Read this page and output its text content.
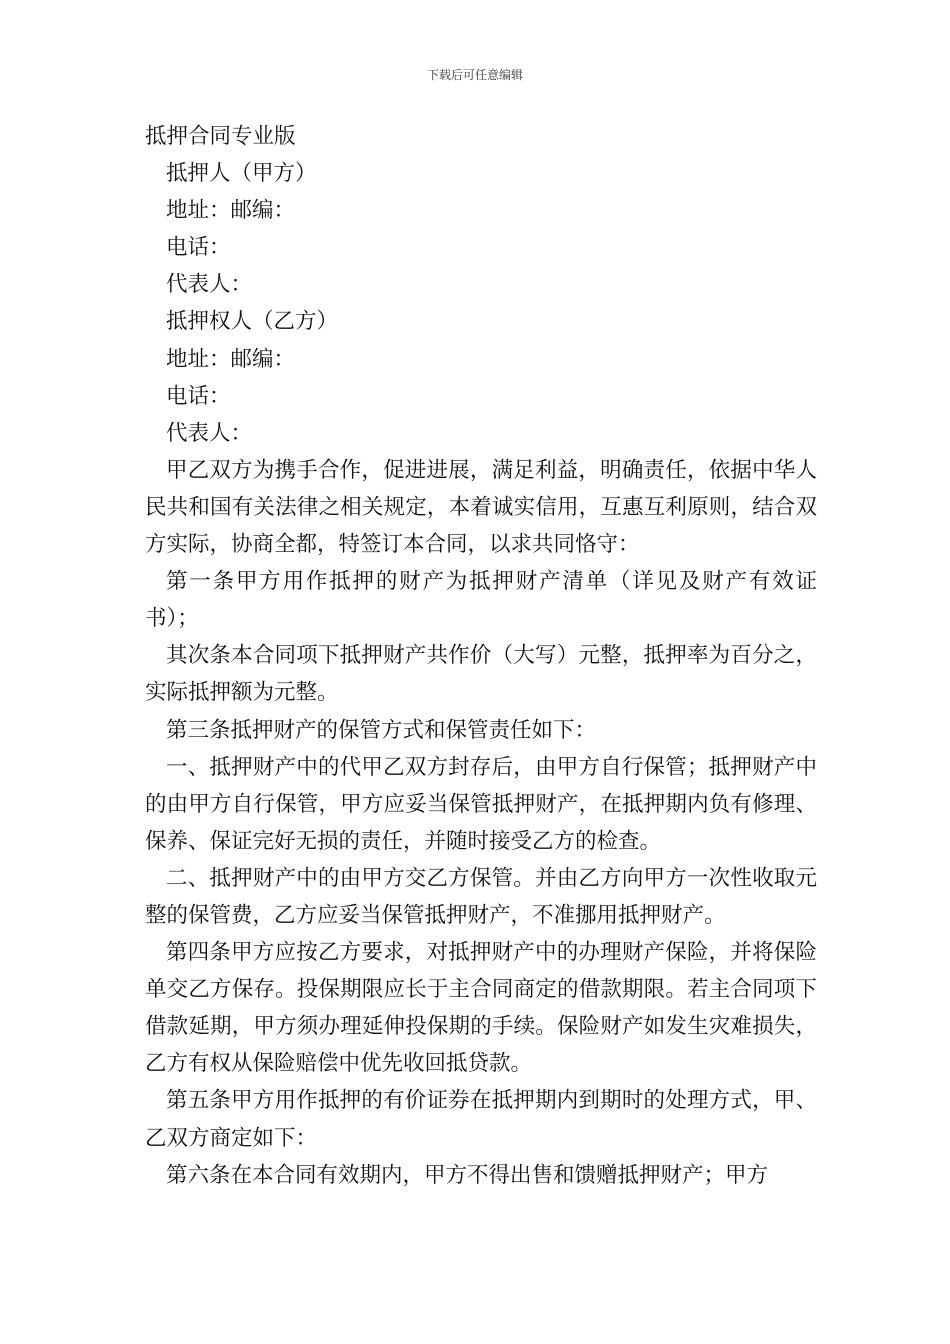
下载后可任意编辑

抵押合同专业版

抵押人（甲方）

地址：邮编：

电话：

代表人：

抵押权人（乙方）

地址：邮编：

电话：

代表人：

甲乙双方为携手合作，促进进展，满足利益，明确责任，依据中华人民共和国有关法律之相关规定，本着诚实信用，互惠互利原则，结合双方实际，协商全都，特签订本合同，以求共同恪守：

第一条甲方用作抵押的财产为抵押财产清单（详见及财产有效证书）；

其次条本合同项下抵押财产共作价（大写）元整，抵押率为百分之，实际抵押额为元整。

第三条抵押财产的保管方式和保管责任如下：

一、抵押财产中的代甲乙双方封存后，由甲方自行保管；抵押财产中的由甲方自行保管，甲方应妥当保管抵押财产，在抵押期内负有修理、保养、保证完好无损的责任，并随时接受乙方的检查。

二、抵押财产中的由甲方交乙方保管。并由乙方向甲方一次性收取元整的保管费，乙方应妥当保管抵押财产，不准挪用抵押财产。

第四条甲方应按乙方要求，对抵押财产中的办理财产保险，并将保险单交乙方保存。投保期限应长于主合同商定的借款期限。若主合同项下借款延期，甲方须办理延伸投保期的手续。保险财产如发生灾难损失，乙方有权从保险赔偿中优先收回抵贷款。

第五条甲方用作抵押的有价证券在抵押期内到期时的处理方式，甲、乙双方商定如下：

第六条在本合同有效期内，甲方不得出售和馈赠抵押财产；甲方
